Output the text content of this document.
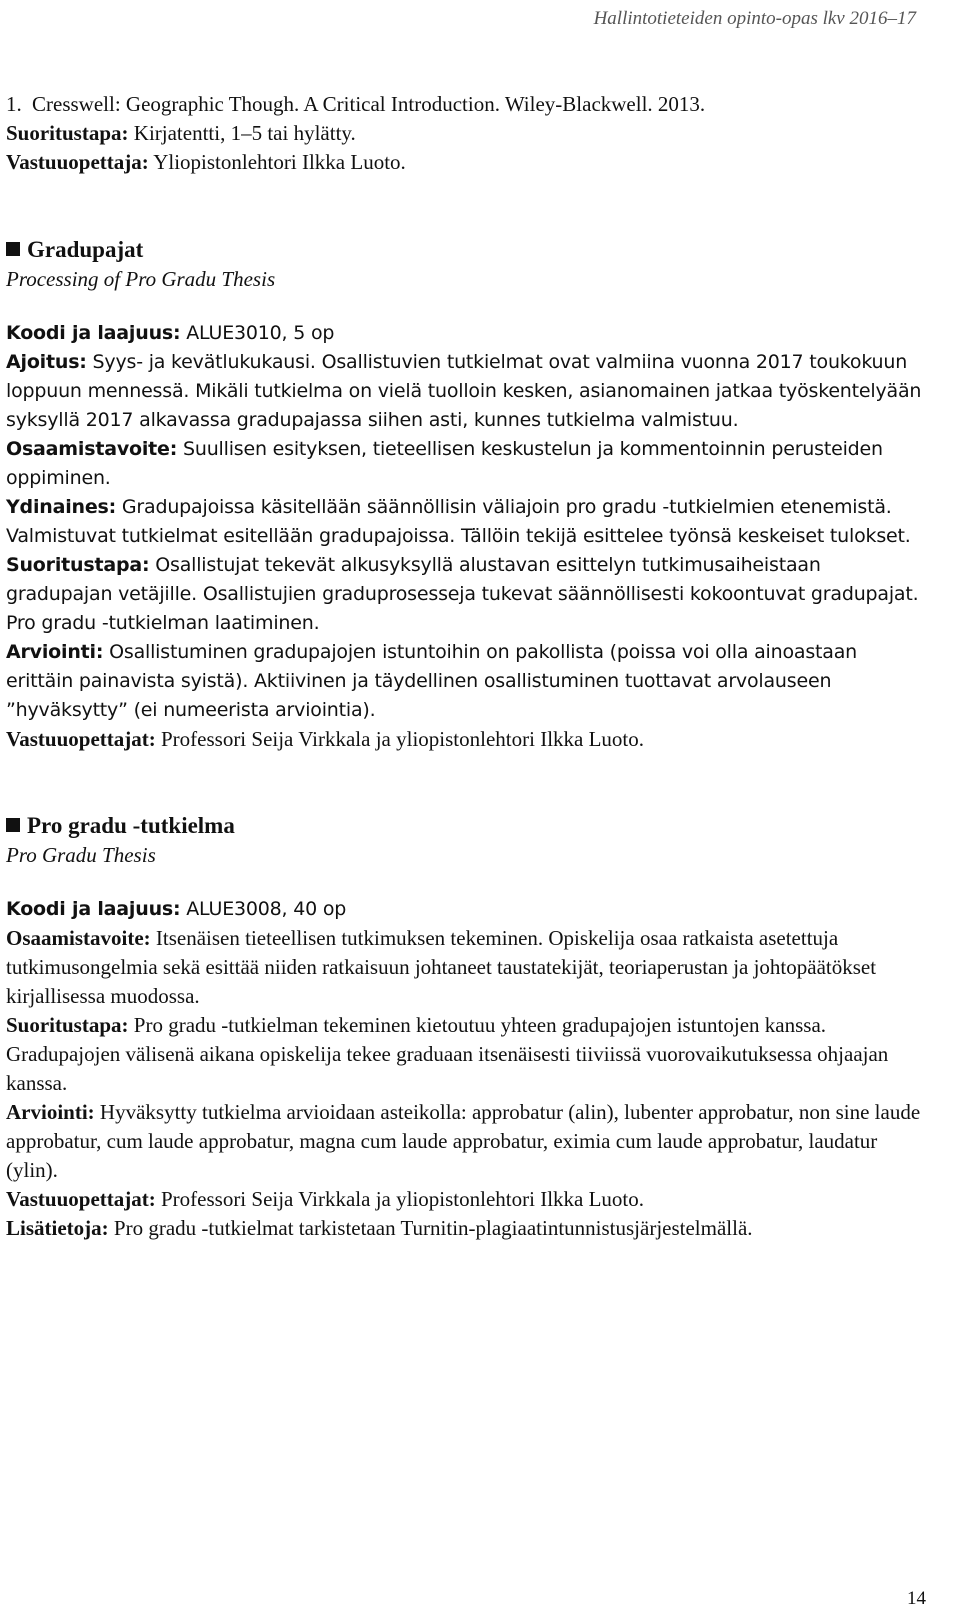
Hallintotieteiden opinto-opas lkv 2016–17
1. Cresswell: Geographic Though. A Critical Introduction. Wiley-Blackwell. 2013.

Suoritustapa: Kirjatentti, 1–5 tai hylätty.

Vastuuopettaja: Yliopistonlehtori Ilkka Luoto.

Gradupajat

Processing of Pro Gradu Thesis

Koodi ja laajuus: ALUE3010, 5 op

Ajoitus: Syys- ja kevätlukukausi. Osallistuvien tutkielmat ovat valmiina vuonna 2017 toukokuun loppuun mennessä. Mikäli tutkielma on vielä tuolloin kesken, asianomainen jatkaa työskentelyään syksyllä 2017 alkavassa gradupajassa siihen asti, kunnes tutkielma valmistuu.

Osaamistavoite: Suullisen esityksen, tieteellisen keskustelun ja kommentoinnin perusteiden oppiminen.

Ydinaines: Gradupajoissa käsitellään säännöllisin väliajoin pro gradu -tutkielmien etenemistä. Valmistuvat tutkielmat esitellään gradupajoissa. Tällöin tekijä esittelee työnsä keskeiset tulokset.

Suoritustapa: Osallistujat tekevät alkusyksyllä alustavan esittelyn tutkimusaiheistaan gradupajan vetäjille. Osallistujien graduprosesseja tukevat säännöllisesti kokoontuvat gradupajat. Pro gradu -tutkielman laatiminen.

Arviointi: Osallistuminen gradupajojen istuntoihin on pakollista (poissa voi olla ainoastaan erittäin painavista syistä). Aktiivinen ja täydellinen osallistuminen tuottavat arvolauseen ”hyväksytty” (ei numeerista arviointia).

Vastuuopettajat: Professori Seija Virkkala ja yliopistonlehtori Ilkka Luoto.

Pro gradu -tutkielma

Pro Gradu Thesis

Koodi ja laajuus: ALUE3008, 40 op

Osaamistavoite: Itsenäisen tieteellisen tutkimuksen tekeminen. Opiskelija osaa ratkaista asetettuja tutkimusongelmia sekä esittää niiden ratkaisuun johtaneet taustatekijät, teoriaperustan ja johtopäätökset kirjallisessa muodossa.

Suoritustapa: Pro gradu -tutkielman tekeminen kietoutuu yhteen gradupajojen istuntojen kanssa. Gradupajojen välisenä aikana opiskelija tekee graduaan itsenäisesti tiiviissä vuorovaikutuksessa ohjaajan kanssa.

Arviointi: Hyväksytty tutkielma arvioidaan asteikolla: approbatur (alin), lubenter approbatur, non sine laude approbatur, cum laude approbatur, magna cum laude approbatur, eximia cum laude approbatur, laudatur (ylin).

Vastuuopettajat: Professori Seija Virkkala ja yliopistonlehtori Ilkka Luoto.

Lisätietoja: Pro gradu -tutkielmat tarkistetaan Turnitin-plagiaatintunnistusjärjestelmällä.

14
